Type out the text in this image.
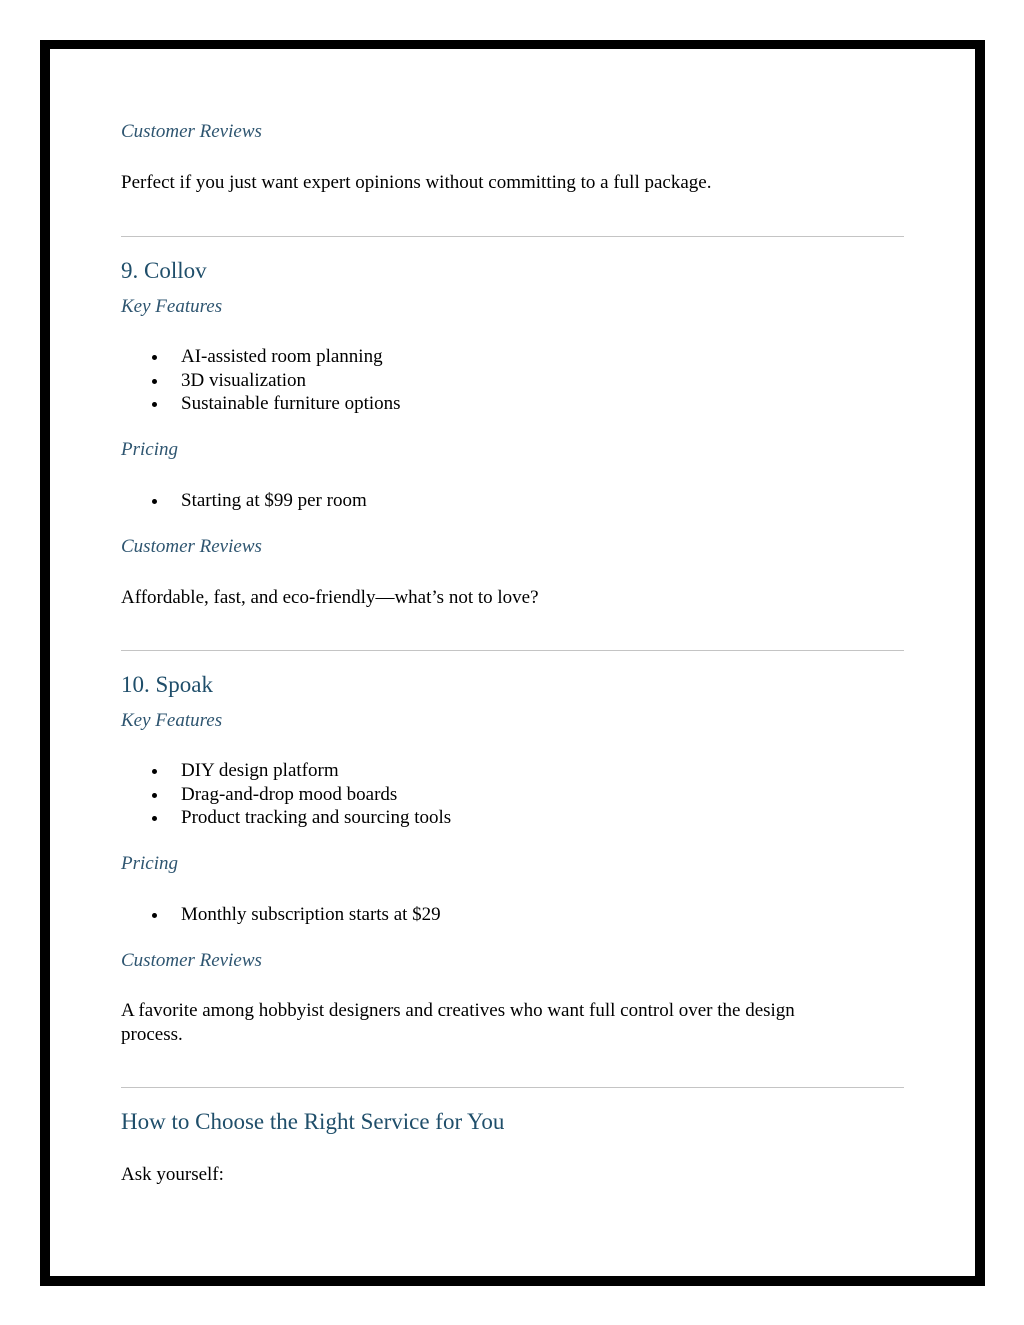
Customer Reviews

Perfect if you just want expert opinions without committing to a full package.

9. Collov

Key Features

AI-assisted room planning
3D visualization
Sustainable furniture options

Pricing

Starting at $99 per room

Customer Reviews

Affordable, fast, and eco-friendly—what’s not to love?

10. Spoak

Key Features

DIY design platform
Drag-and-drop mood boards
Product tracking and sourcing tools

Pricing

Monthly subscription starts at $29

Customer Reviews

A favorite among hobbyist designers and creatives who want full control over the design process.

How to Choose the Right Service for You

Ask yourself:
